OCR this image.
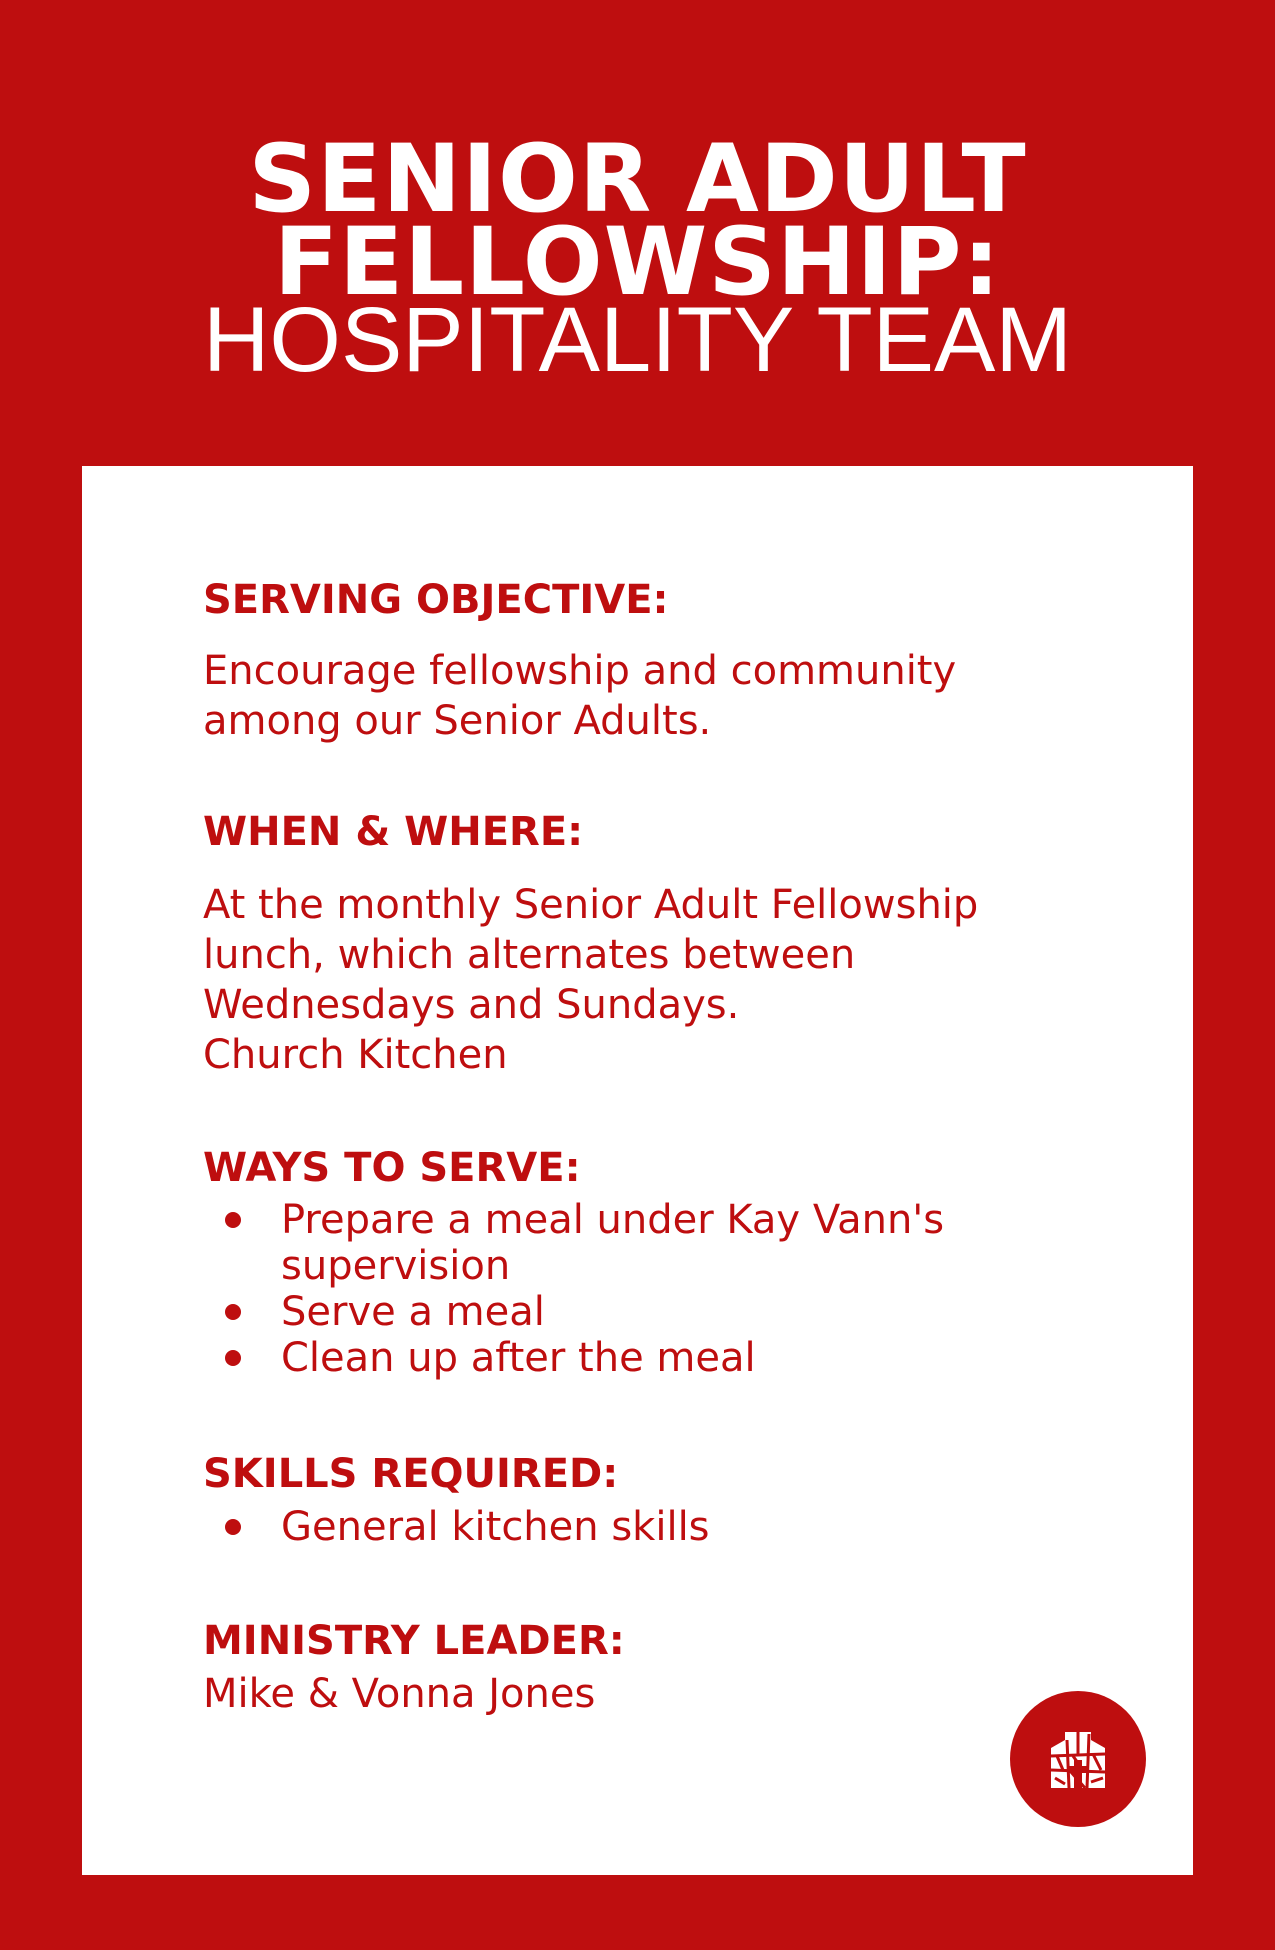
SENIOR ADULT
FELLOWSHIP:
HOSPITALITY TEAM
SERVING OBJECTIVE:
Encourage fellowship and community
among our Senior Adults.
WHEN & WHERE:
At the monthly Senior Adult Fellowship
lunch, which alternates between
Wednesdays and Sundays.
Church Kitchen
WAYS TO SERVE:
Prepare a meal under Kay Vann's
supervision
Serve a meal
Clean up after the meal
SKILLS REQUIRED:
General kitchen skills
MINISTRY LEADER:
Mike & Vonna Jones
